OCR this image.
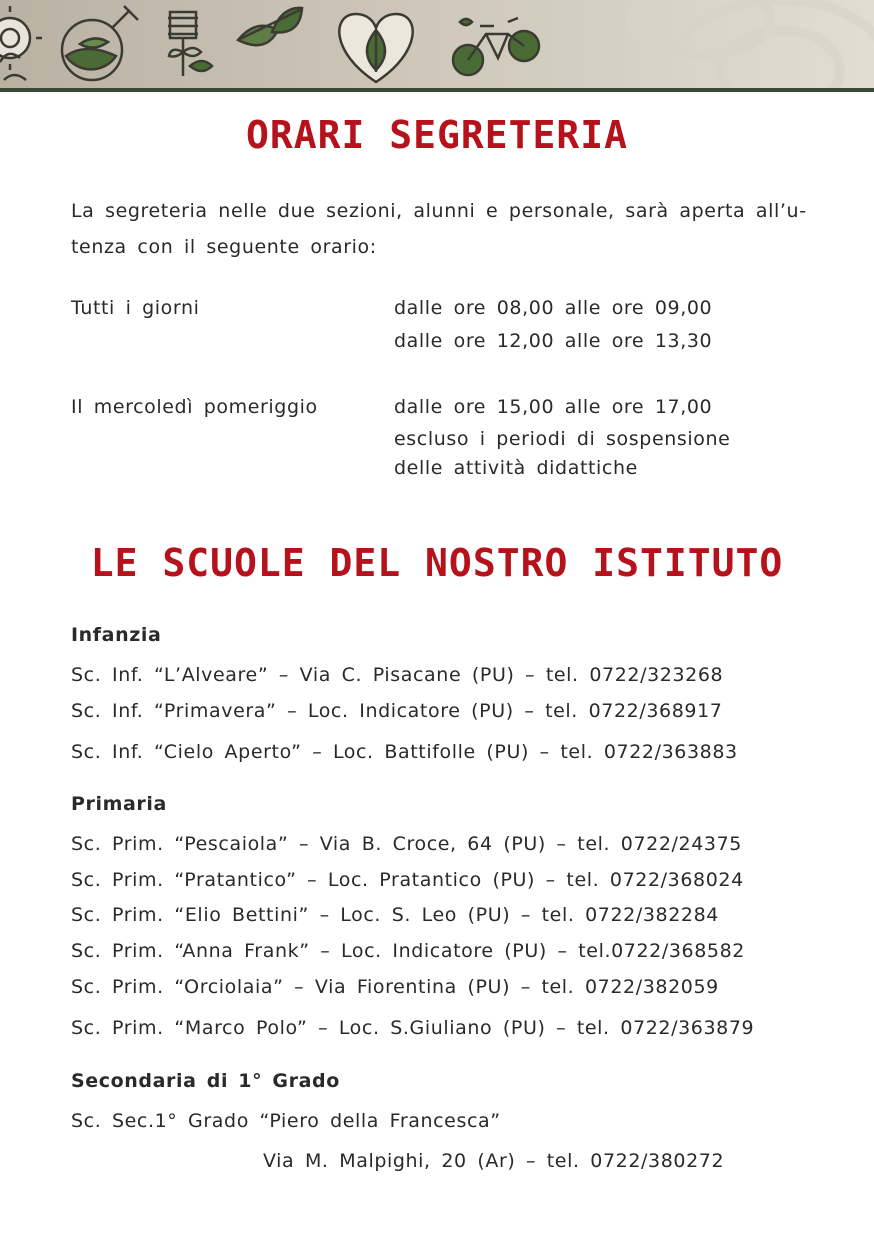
ORARI SEGRETERIA
La segreteria nelle due sezioni, alunni e personale, sarà aperta all’u-tenza con il seguente orario:
Tutti i giorni	dalle ore 08,00 alle ore 09,00
dalle ore 12,00 alle ore 13,30
Il mercoledì pomeriggio	dalle ore 15,00 alle ore 17,00
escluso i periodi di sospensione
delle attività didattiche
LE SCUOLE DEL NOSTRO ISTITUTO
Infanzia
Sc. Inf. “L’Alveare” – Via C. Pisacane (PU) – tel. 0722/323268
Sc. Inf. “Primavera” – Loc. Indicatore (PU) – tel. 0722/368917
Sc. Inf. “Cielo Aperto” – Loc. Battifolle (PU) – tel. 0722/363883
Primaria
Sc. Prim. “Pescaiola” – Via B. Croce, 64 (PU) – tel. 0722/24375
Sc. Prim. “Pratantico” – Loc. Pratantico (PU) – tel. 0722/368024
Sc. Prim. “Elio Bettini” – Loc. S. Leo (PU) – tel. 0722/382284
Sc. Prim. “Anna Frank” – Loc. Indicatore (PU) – tel.0722/368582
Sc. Prim. “Orciolaia” – Via Fiorentina (PU) – tel. 0722/382059
Sc. Prim. “Marco Polo” – Loc. S.Giuliano (PU) – tel. 0722/363879
Secondaria di 1° Grado
Sc. Sec.1° Grado “Piero della Francesca”
Via M. Malpighi, 20 (Ar) – tel. 0722/380272
